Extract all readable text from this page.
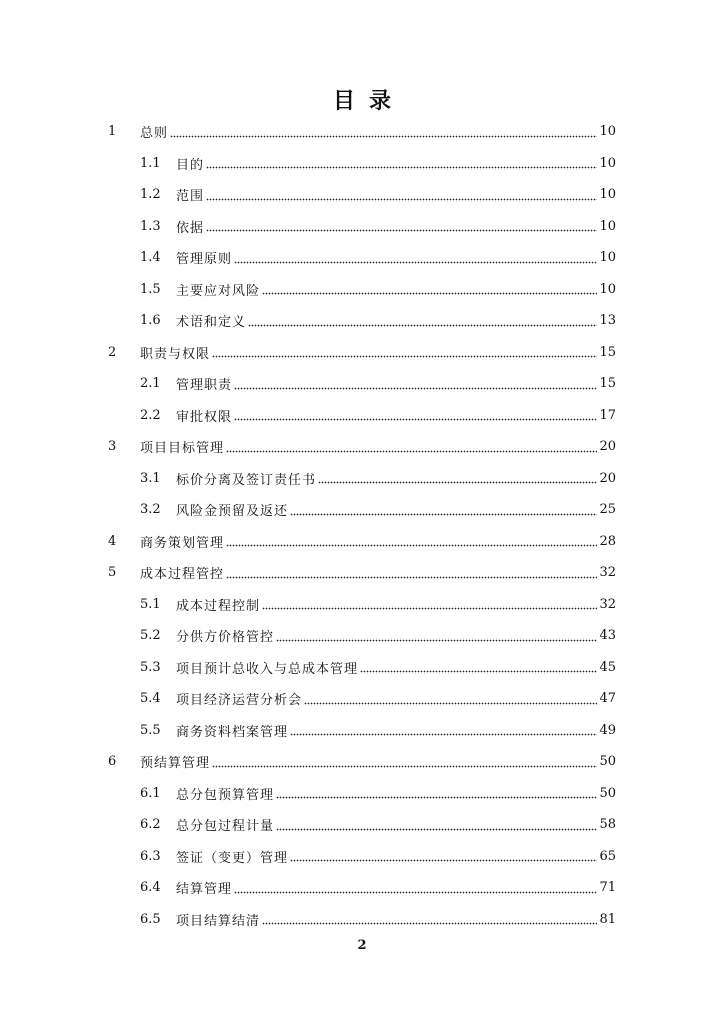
目录
1	总则	10
1.1	目的	10
1.2	范围	10
1.3	依据	10
1.4	管理原则	10
1.5	主要应对风险	10
1.6	术语和定义	13
2	职责与权限	15
2.1	管理职责	15
2.2	审批权限	17
3	项目目标管理	20
3.1	标价分离及签订责任书	20
3.2	风险金预留及返还	25
4	商务策划管理	28
5	成本过程管控	32
5.1	成本过程控制	32
5.2	分供方价格管控	43
5.3	项目预计总收入与总成本管理	45
5.4	项目经济运营分析会	47
5.5	商务资料档案管理	49
6	预结算管理	50
6.1	总分包预算管理	50
6.2	总分包过程计量	58
6.3	签证（变更）管理	65
6.4	结算管理	71
6.5	项目结算结清	81
2
